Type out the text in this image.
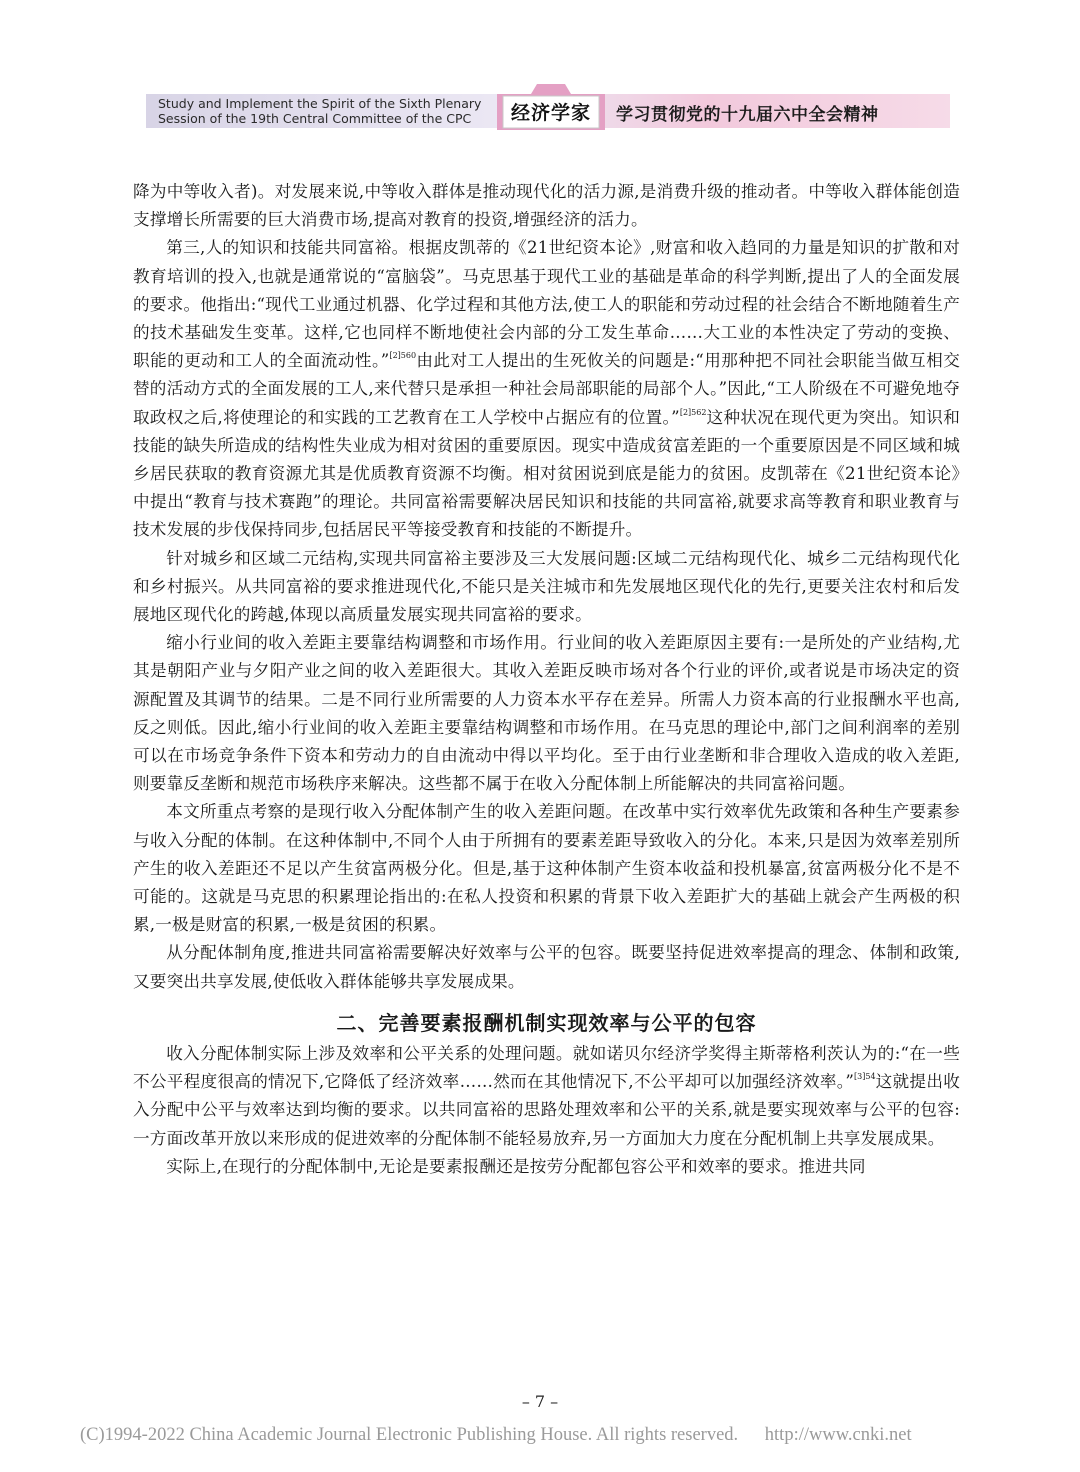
Study and Implement the Spirit of the Sixth Plenary
Session of the 19th Central Committee of the CPC	经济学家	学习贯彻党的十九届六中全会精神

降为中等收入者)。对发展来说,中等收入群体是推动现代化的活力源,是消费升级的推动者。中等收入群体能创造支撑增长所需要的巨大消费市场,提高对教育的投资,增强经济的活力。

第三,人的知识和技能共同富裕。根据皮凯蒂的《21世纪资本论》,财富和收入趋同的力量是知识的扩散和对教育培训的投入,也就是通常说的“富脑袋”。马克思基于现代工业的基础是革命的科学判断,提出了人的全面发展的要求。他指出:“现代工业通过机器、化学过程和其他方法,使工人的职能和劳动过程的社会结合不断地随着生产的技术基础发生变革。这样,它也同样不断地使社会内部的分工发生革命……大工业的本性决定了劳动的变换、职能的更动和工人的全面流动性。”$^{[2]560}$由此对工人提出的生死攸关的问题是:“用那种把不同社会职能当做互相交替的活动方式的全面发展的工人,来代替只是承担一种社会局部职能的局部个人。”因此,“工人阶级在不可避免地夺取政权之后,将使理论的和实践的工艺教育在工人学校中占据应有的位置。”$^{[2]562}$这种状况在现代更为突出。知识和技能的缺失所造成的结构性失业成为相对贫困的重要原因。现实中造成贫富差距的一个重要原因是不同区域和城乡居民获取的教育资源尤其是优质教育资源不均衡。相对贫困说到底是能力的贫困。皮凯蒂在《21世纪资本论》中提出“教育与技术赛跑”的理论。共同富裕需要解决居民知识和技能的共同富裕,就要求高等教育和职业教育与技术发展的步伐保持同步,包括居民平等接受教育和技能的不断提升。

针对城乡和区域二元结构,实现共同富裕主要涉及三大发展问题:区域二元结构现代化、城乡二元结构现代化和乡村振兴。从共同富裕的要求推进现代化,不能只是关注城市和先发展地区现代化的先行,更要关注农村和后发展地区现代化的跨越,体现以高质量发展实现共同富裕的要求。

缩小行业间的收入差距主要靠结构调整和市场作用。行业间的收入差距原因主要有:一是所处的产业结构,尤其是朝阳产业与夕阳产业之间的收入差距很大。其收入差距反映市场对各个行业的评价,或者说是市场决定的资源配置及其调节的结果。二是不同行业所需要的人力资本水平存在差异。所需人力资本高的行业报酬水平也高,反之则低。因此,缩小行业间的收入差距主要靠结构调整和市场作用。在马克思的理论中,部门之间利润率的差别可以在市场竞争条件下资本和劳动力的自由流动中得以平均化。至于由行业垄断和非合理收入造成的收入差距,则要靠反垄断和规范市场秩序来解决。这些都不属于在收入分配体制上所能解决的共同富裕问题。

本文所重点考察的是现行收入分配体制产生的收入差距问题。在改革中实行效率优先政策和各种生产要素参与收入分配的体制。在这种体制中,不同个人由于所拥有的要素差距导致收入的分化。本来,只是因为效率差别所产生的收入差距还不足以产生贫富两极分化。但是,基于这种体制产生资本收益和投机暴富,贫富两极分化不是不可能的。这就是马克思的积累理论指出的:在私人投资和积累的背景下收入差距扩大的基础上就会产生两极的积累,一极是财富的积累,一极是贫困的积累。

从分配体制角度,推进共同富裕需要解决好效率与公平的包容。既要坚持促进效率提高的理念、体制和政策,又要突出共享发展,使低收入群体能够共享发展成果。

二、完善要素报酬机制实现效率与公平的包容

收入分配体制实际上涉及效率和公平关系的处理问题。就如诺贝尔经济学奖得主斯蒂格利茨认为的:“在一些不公平程度很高的情况下,它降低了经济效率……然而在其他情况下,不公平却可以加强经济效率。”$^{[3]54}$这就提出收入分配中公平与效率达到均衡的要求。以共同富裕的思路处理效率和公平的关系,就是要实现效率与公平的包容:一方面改革开放以来形成的促进效率的分配体制不能轻易放弃,另一方面加大力度在分配机制上共享发展成果。

实际上,在现行的分配体制中,无论是要素报酬还是按劳分配都包容公平和效率的要求。推进共同

– 7 –
(C)1994-2022 China Academic Journal Electronic Publishing House. All rights reserved. http://www.cnki.net
